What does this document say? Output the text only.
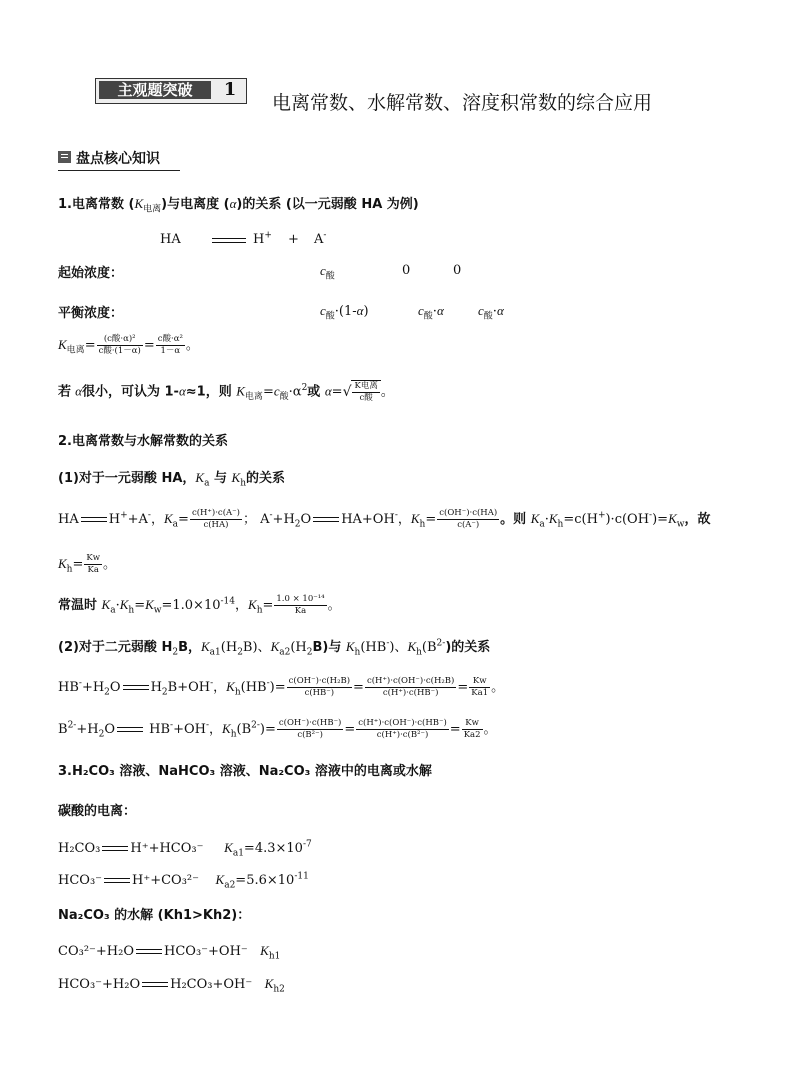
主观题突破	1
电离常数、水解常数、溶度积常数的综合应用
盘点核心知识
1.电离常数 $(K_{电离})$与电离度 (α)的关系 (以一元弱酸 HA 为例)
HA	H+ + A-
起始浓度：	$c_酸$	0	0
平衡浓度：	$c_酸\cdot(1-\alpha)$	$c_酸\cdot\alpha$	$c_酸\cdot\alpha$
$K_{电离}= \frac{\text{(c酸·α)²}}{\text{c酸·(1－α)}} = \frac{\text{c酸·α²}}{1-\alpha}$ 。
若 α很小，可认为 1-α≈1，则 $K_{电离}=c_酸\cdot\alpha^2$或 $\alpha=√ \frac{\text{K电离}}{\text{c酸}}$ 。
2.电离常数与水解常数的关系
(1)对于一元弱酸 HA，$K_a$ 与 $K_h$的关系
HA H++A-，$K_a= \frac{c(H^+)\cdot c(A^-)}{c(HA)}$ ； $A^-+H_2O$ HA+OH-，$K_h= \frac{c(OH^-)\cdot c(HA)}{c(A^-)}$ 。则 $K_a\cdot K_h=c(H^+)\cdot c(OH^-)=K_w$，故
$K_h= \frac{Kw}{Ka}$ 。
常温时 $K_a\cdot K_h=K_w=1.0\times 10^{-14}$，$K_h= \frac{\text{1.0 × 10⁻¹⁴}}{Ka}$ 。
(2)对于二元弱酸 $H_2B$，$K_{a1}(H_2B)$、$K_{a2}(H_2B)$与 $K_h(HB^-)$、$K_h(B^{2-})$的关系
$HB^-+H_2O$ $H_2B+OH^-$，$K_h(HB^-)= \frac{\text{c(OH⁻)·c(H₂B)}}{c(HB^-)} = \frac{\text{c(H⁺)·c(OH⁻)·c(H₂B)}}{c(H^+)\cdot c(HB^-)} = \frac{Kw}{Ka1}$ 。
$B^{2-}+H_2O$ HB-+OH-，$K_h(B^{2-})= \frac{c(OH^-)\cdot c(HB^-)}{\text{c(B²⁻)}} = \frac{c(H^+)\cdot c(OH^-)\cdot c(HB^-)}{\text{c(H⁺)·c(B²⁻)}} = \frac{Kw}{Ka2}$ 。
3.H₂CO₃ 溶液、NaHCO₃ 溶液、Na₂CO₃ 溶液中的电离或水解
碳酸的电离：
H₂CO₃ H⁺+HCO₃⁻ $K_{a1}=4.3\times 10^{-7}$
HCO₃⁻ H⁺+CO₃²⁻ $K_{a2}=5.6\times 10^{-11}$
Na₂CO₃ 的水解 (Kh1>Kh2)：
CO₃²⁻+H₂O HCO₃⁻+OH⁻ $K_{h1}$
HCO₃⁻+H₂O H₂CO₃+OH⁻ $K_{h2}$
